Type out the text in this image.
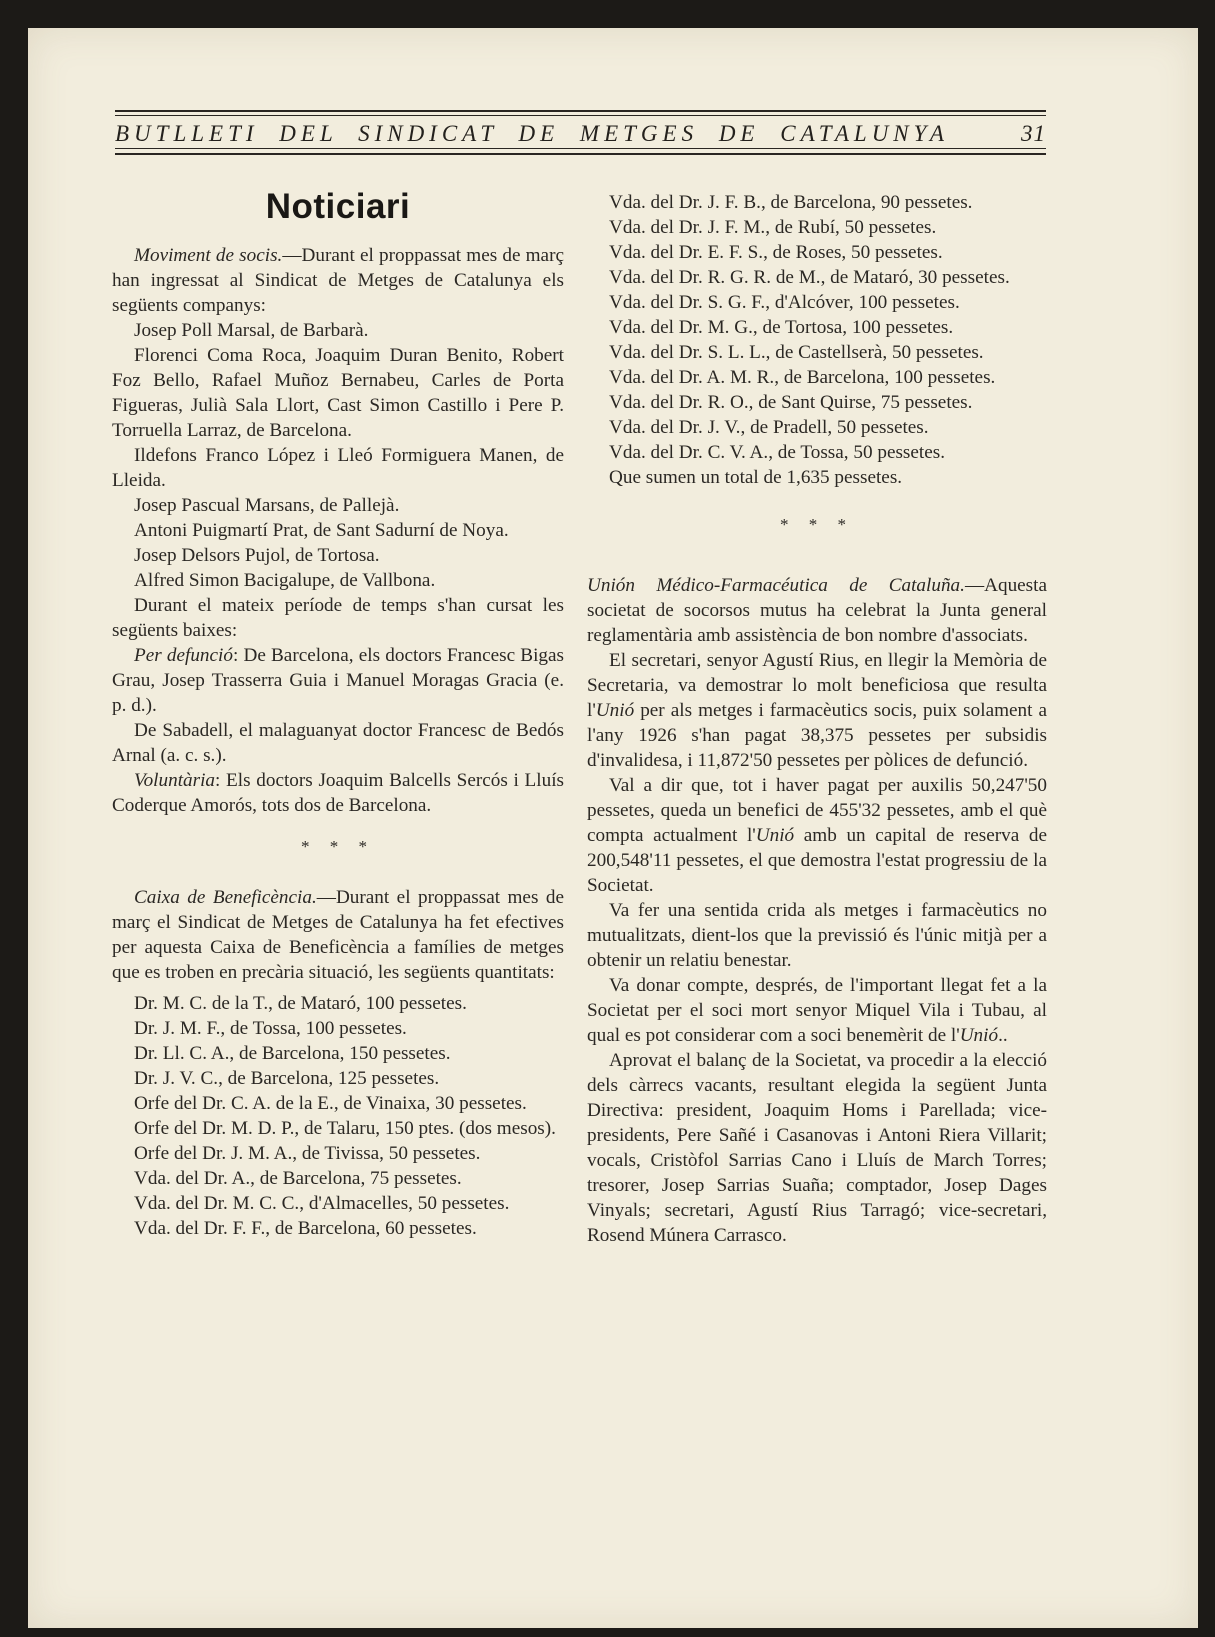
BUTLLETI DEL SINDICAT DE METGES DE CATALUNYA	31
Noticiari

Moviment de socis.—Durant el proppassat mes de març han ingressat al Sindicat de Metges de Catalunya els següents companys:

Josep Poll Marsal, de Barbarà.

Florenci Coma Roca, Joaquim Duran Benito, Robert Foz Bello, Rafael Muñoz Bernabeu, Carles de Porta Figueras, Julià Sala Llort, Cast Simon Castillo i Pere P. Torruella Larraz, de Barcelona.

Ildefons Franco López i Lleó Formiguera Manen, de Lleida.

Josep Pascual Marsans, de Pallejà.

Antoni Puigmartí Prat, de Sant Sadurní de Noya.

Josep Delsors Pujol, de Tortosa.

Alfred Simon Bacigalupe, de Vallbona.

Durant el mateix període de temps s'han cursat les següents baixes:

Per defunció: De Barcelona, els doctors Francesc Bigas Grau, Josep Trasserra Guia i Manuel Moragas Gracia (e. p. d.).

De Sabadell, el malaguanyat doctor Francesc de Bedós Arnal (a. c. s.).

Voluntària: Els doctors Joaquim Balcells Sercós i Lluís Coderque Amorós, tots dos de Barcelona.

* * *

Caixa de Beneficència.—Durant el proppassat mes de març el Sindicat de Metges de Catalunya ha fet efectives per aquesta Caixa de Beneficència a famílies de metges que es troben en precària situació, les següents quantitats:

Dr. M. C. de la T., de Mataró, 100 pessetes.

Dr. J. M. F., de Tossa, 100 pessetes.

Dr. Ll. C. A., de Barcelona, 150 pessetes.

Dr. J. V. C., de Barcelona, 125 pessetes.

Orfe del Dr. C. A. de la E., de Vinaixa, 30 pessetes.

Orfe del Dr. M. D. P., de Talaru, 150 ptes. (dos mesos).

Orfe del Dr. J. M. A., de Tivissa, 50 pessetes.

Vda. del Dr. A., de Barcelona, 75 pessetes.

Vda. del Dr. M. C. C., d'Almacelles, 50 pessetes.

Vda. del Dr. F. F., de Barcelona, 60 pessetes.

Vda. del Dr. J. F. B., de Barcelona, 90 pessetes.

Vda. del Dr. J. F. M., de Rubí, 50 pessetes.

Vda. del Dr. E. F. S., de Roses, 50 pessetes.

Vda. del Dr. R. G. R. de M., de Mataró, 30 pessetes.

Vda. del Dr. S. G. F., d'Alcóver, 100 pessetes.

Vda. del Dr. M. G., de Tortosa, 100 pessetes.

Vda. del Dr. S. L. L., de Castellserà, 50 pessetes.

Vda. del Dr. A. M. R., de Barcelona, 100 pessetes.

Vda. del Dr. R. O., de Sant Quirse, 75 pessetes.

Vda. del Dr. J. V., de Pradell, 50 pessetes.

Vda. del Dr. C. V. A., de Tossa, 50 pessetes.

Que sumen un total de 1,635 pessetes.

* * *

Unión Médico-Farmacéutica de Cataluña.—Aquesta societat de socorsos mutus ha celebrat la Junta general reglamentària amb assistència de bon nombre d'associats.

El secretari, senyor Agustí Rius, en llegir la Memòria de Secretaria, va demostrar lo molt beneficiosa que resulta l'Unió per als metges i farmacèutics socis, puix solament a l'any 1926 s'han pagat 38,375 pessetes per subsidis d'invalidesa, i 11,872'50 pessetes per pòlices de defunció.

Val a dir que, tot i haver pagat per auxilis 50,247'50 pessetes, queda un benefici de 455'32 pessetes, amb el què compta actualment l'Unió amb un capital de reserva de 200,548'11 pessetes, el que demostra l'estat progressiu de la Societat.

Va fer una sentida crida als metges i farmacèutics no mutualitzats, dient-los que la previssió és l'únic mitjà per a obtenir un relatiu benestar.

Va donar compte, després, de l'important llegat fet a la Societat per el soci mort senyor Miquel Vila i Tubau, al qual es pot considerar com a soci benemèrit de l'Unió..

Aprovat el balanç de la Societat, va procedir a la elecció dels càrrecs vacants, resultant elegida la següent Junta Directiva: president, Joaquim Homs i Parellada; vice-presidents, Pere Sañé i Casanovas i Antoni Riera Villarit; vocals, Cristòfol Sarrias Cano i Lluís de March Torres; tresorer, Josep Sarrias Suaña; comptador, Josep Dages Vinyals; secretari, Agustí Rius Tarragó; vice-secretari, Rosend Múnera Carrasco.
